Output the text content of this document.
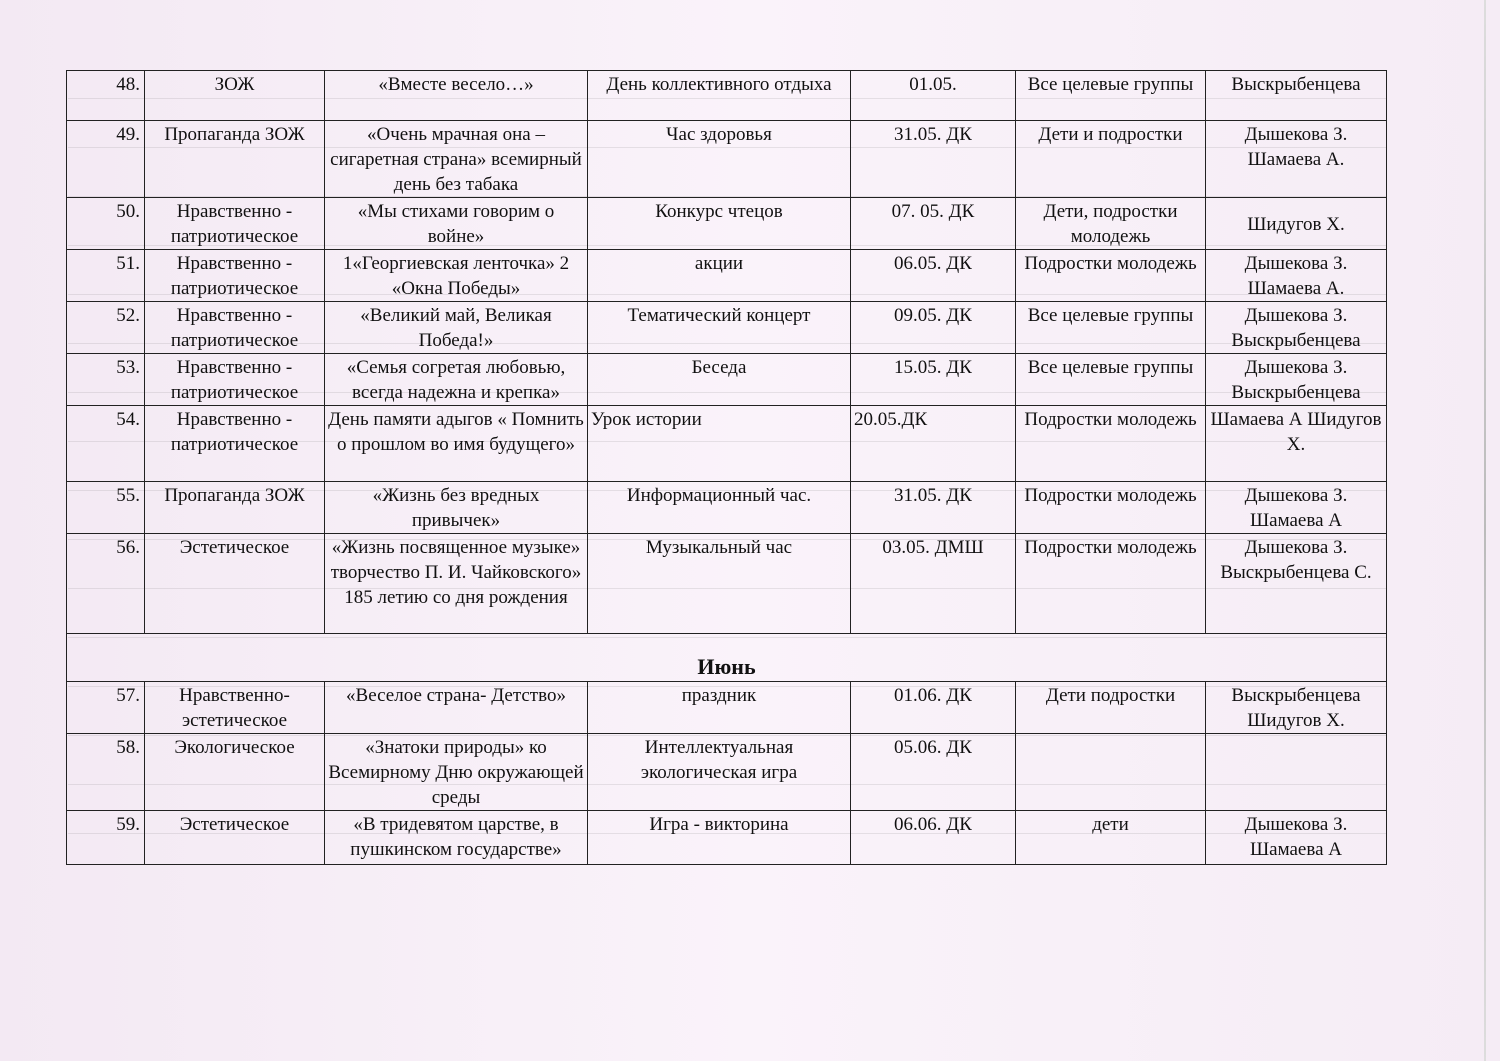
48.	ЗОЖ	«Вместе весело…»	День коллективного отдыха	01.05.	Все целевые группы	Выскрыбенцева
49.	Пропаганда ЗОЖ	«Очень мрачная она – сигаретная страна» всемирный день без табака	Час здоровья	31.05. ДК	Дети и подростки	Дышекова З. Шамаева А.
50.	Нравственно - патриотическое	«Мы стихами говорим о войне»	Конкурс чтецов	07. 05. ДК	Дети, подростки молодежь	Шидугов Х.
51.	Нравственно - патриотическое	1«Георгиевская ленточка» 2 «Окна Победы»	акции	06.05. ДК	Подростки молодежь	Дышекова З. Шамаева А.
52.	Нравственно - патриотическое	«Великий май, Великая Победа!»	Тематический концерт	09.05. ДК	Все целевые группы	Дышекова З. Выскрыбенцева
53.	Нравственно - патриотическое	«Семья согретая любовью, всегда надежна и крепка»	Беседа	15.05. ДК	Все целевые группы	Дышекова З. Выскрыбенцева
54.	Нравственно - патриотическое	День памяти адыгов « Помнить о прошлом во имя будущего»	Урок истории	20.05.ДК	Подростки молодежь	Шамаева А Шидугов Х.
55.	Пропаганда ЗОЖ	«Жизнь без вредных привычек»	Информационный час.	31.05. ДК	Подростки молодежь	Дышекова З. Шамаева А
56.	Эстетическое	«Жизнь посвященное музыке» творчество П. И. Чайковского» 185 летию со дня рождения	Музыкальный час	03.05. ДМШ	Подростки молодежь	Дышекова З. Выскрыбенцева С.
Июнь						
57.	Нравственно- эстетическое	«Веселое страна- Детство»	праздник	01.06. ДК	Дети подростки	Выскрыбенцева Шидугов Х.
58.	Экологическое	«Знатоки природы» ко Всемирному Дню окружающей среды	Интеллектуальная экологическая игра	05.06. ДК		
59.	Эстетическое	«В тридевятом царстве, в пушкинском государстве»	Игра - викторина	06.06. ДК	дети	Дышекова З. Шамаева А
